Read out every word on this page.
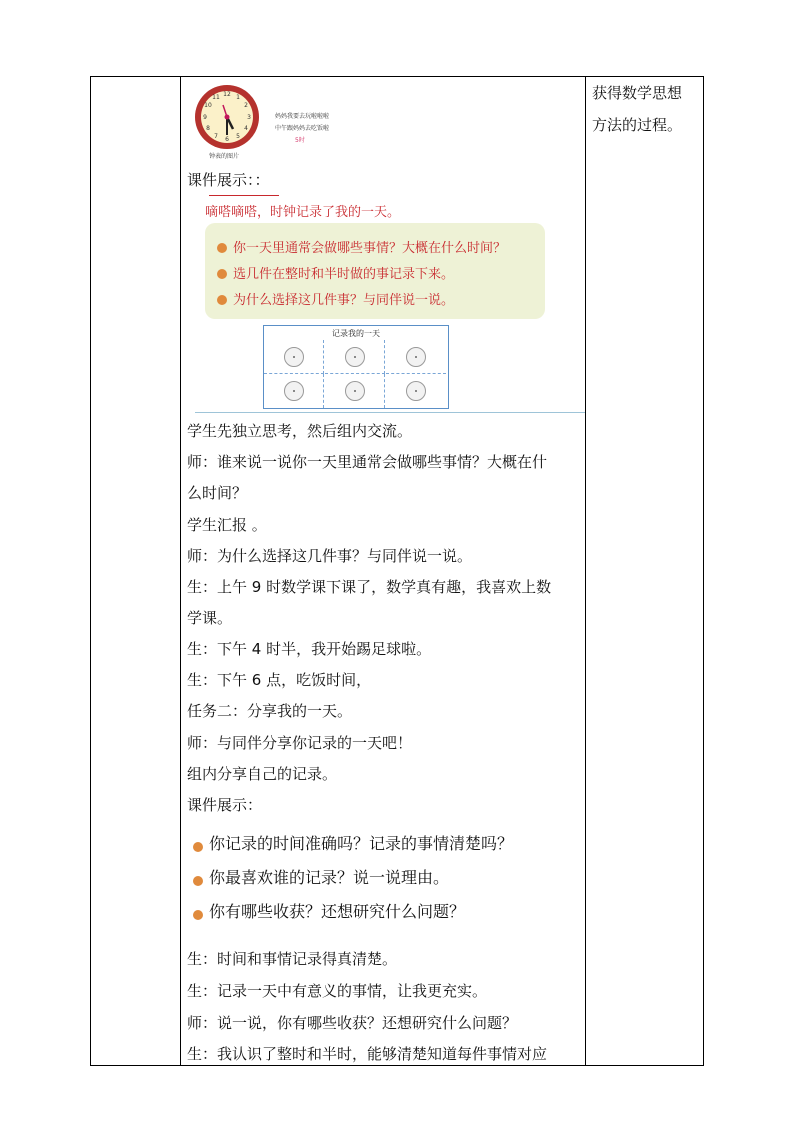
12 1
2
3
4
5
6
7
8
9
10
11
钟表的图片
妈妈我要去玩啦啦啦
中午跟妈妈去吃饭啦
5时
课件展示：：
嘀嗒嘀嗒，时钟记录了我的一天。
你一天里通常会做哪些事情？大概在什么时间？
选几件在整时和半时做的事记录下来。
为什么选择这几件事？与同伴说一说。
记录我的一天
学生先独立思考，然后组内交流。
师：谁来说一说你一天里通常会做哪些事情？大概在什
么时间？
学生汇报 。
师：为什么选择这几件事？与同伴说一说。
生：上午 9 时数学课下课了，数学真有趣，我喜欢上数
学课。
生：下午 4 时半，我开始踢足球啦。
生：下午 6 点，吃饭时间，
任务二：分享我的一天。
师：与同伴分享你记录的一天吧！
组内分享自己的记录。
课件展示：
你记录的时间准确吗？记录的事情清楚吗？
你最喜欢谁的记录？说一说理由。
你有哪些收获？还想研究什么问题？
生：时间和事情记录得真清楚。
生：记录一天中有意义的事情，让我更充实。
师：说一说，你有哪些收获？还想研究什么问题？
生：我认识了整时和半时，能够清楚知道每件事情对应
获得数学思想
方法的过程。
